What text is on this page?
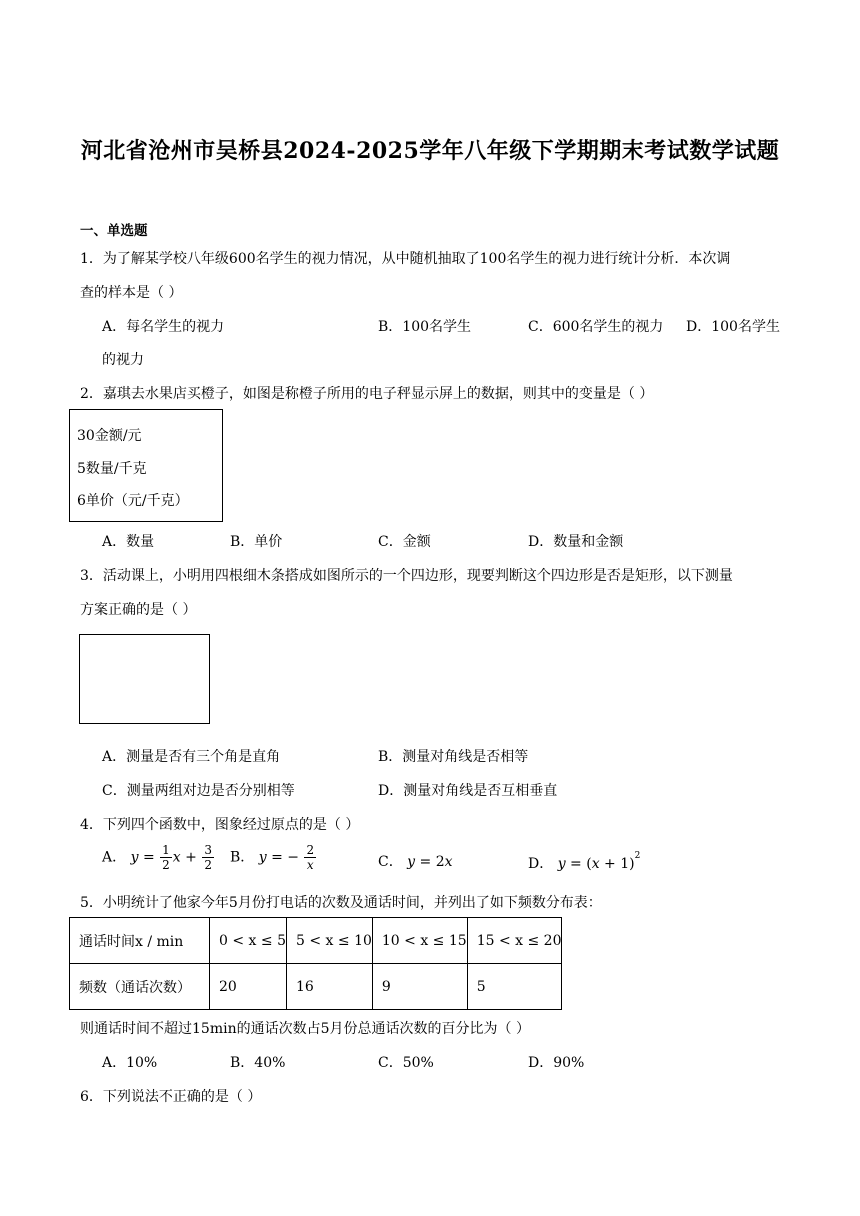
河北省沧州市吴桥县2024-2025学年八年级下学期期末考试数学试题
一、单选题
1．为了解某学校八年级600名学生的视力情况，从中随机抽取了100名学生的视力进行统计分析．本次调
查的样本是（ ）
A．每名学生的视力	B．100名学生	C．600名学生的视力 D．100名学生
的视力
2．嘉琪去水果店买橙子，如图是称橙子所用的电子秤显示屏上的数据，则其中的变量是（ ）
30金额/元
5数量/千克
6单价（元/千克）
A．数量	B．单价	C．金额	D．数量和金额
3．活动课上，小明用四根细木条搭成如图所示的一个四边形，现要判断这个四边形是否是矩形，以下测量
方案正确的是（ ）
A．测量是否有三个角是直角	B．测量对角线是否相等
C．测量两组对边是否分别相等	D．测量对角线是否互相垂直
4．下列四个函数中，图象经过原点的是（ ）
A． $y = \frac{1}{2}$ $x + \frac{3}{2}$ B． y = − $\frac{2}{x}$	C． y = 2x	D． $y = (x + 1)^2$
5．小明统计了他家今年5月份打电话的次数及通话时间，并列出了如下频数分布表：
通话时间x / min	0 < x ≤ 5	5 < x ≤ 10	10 < x ≤ 15	15 < x ≤ 20
频数（通话次数）	20	16	9	5
则通话时间不超过15min的通话次数占5月份总通话次数的百分比为（ ）
A．10%	B．40%	C．50%	D．90%
6．下列说法不正确的是（ ）
